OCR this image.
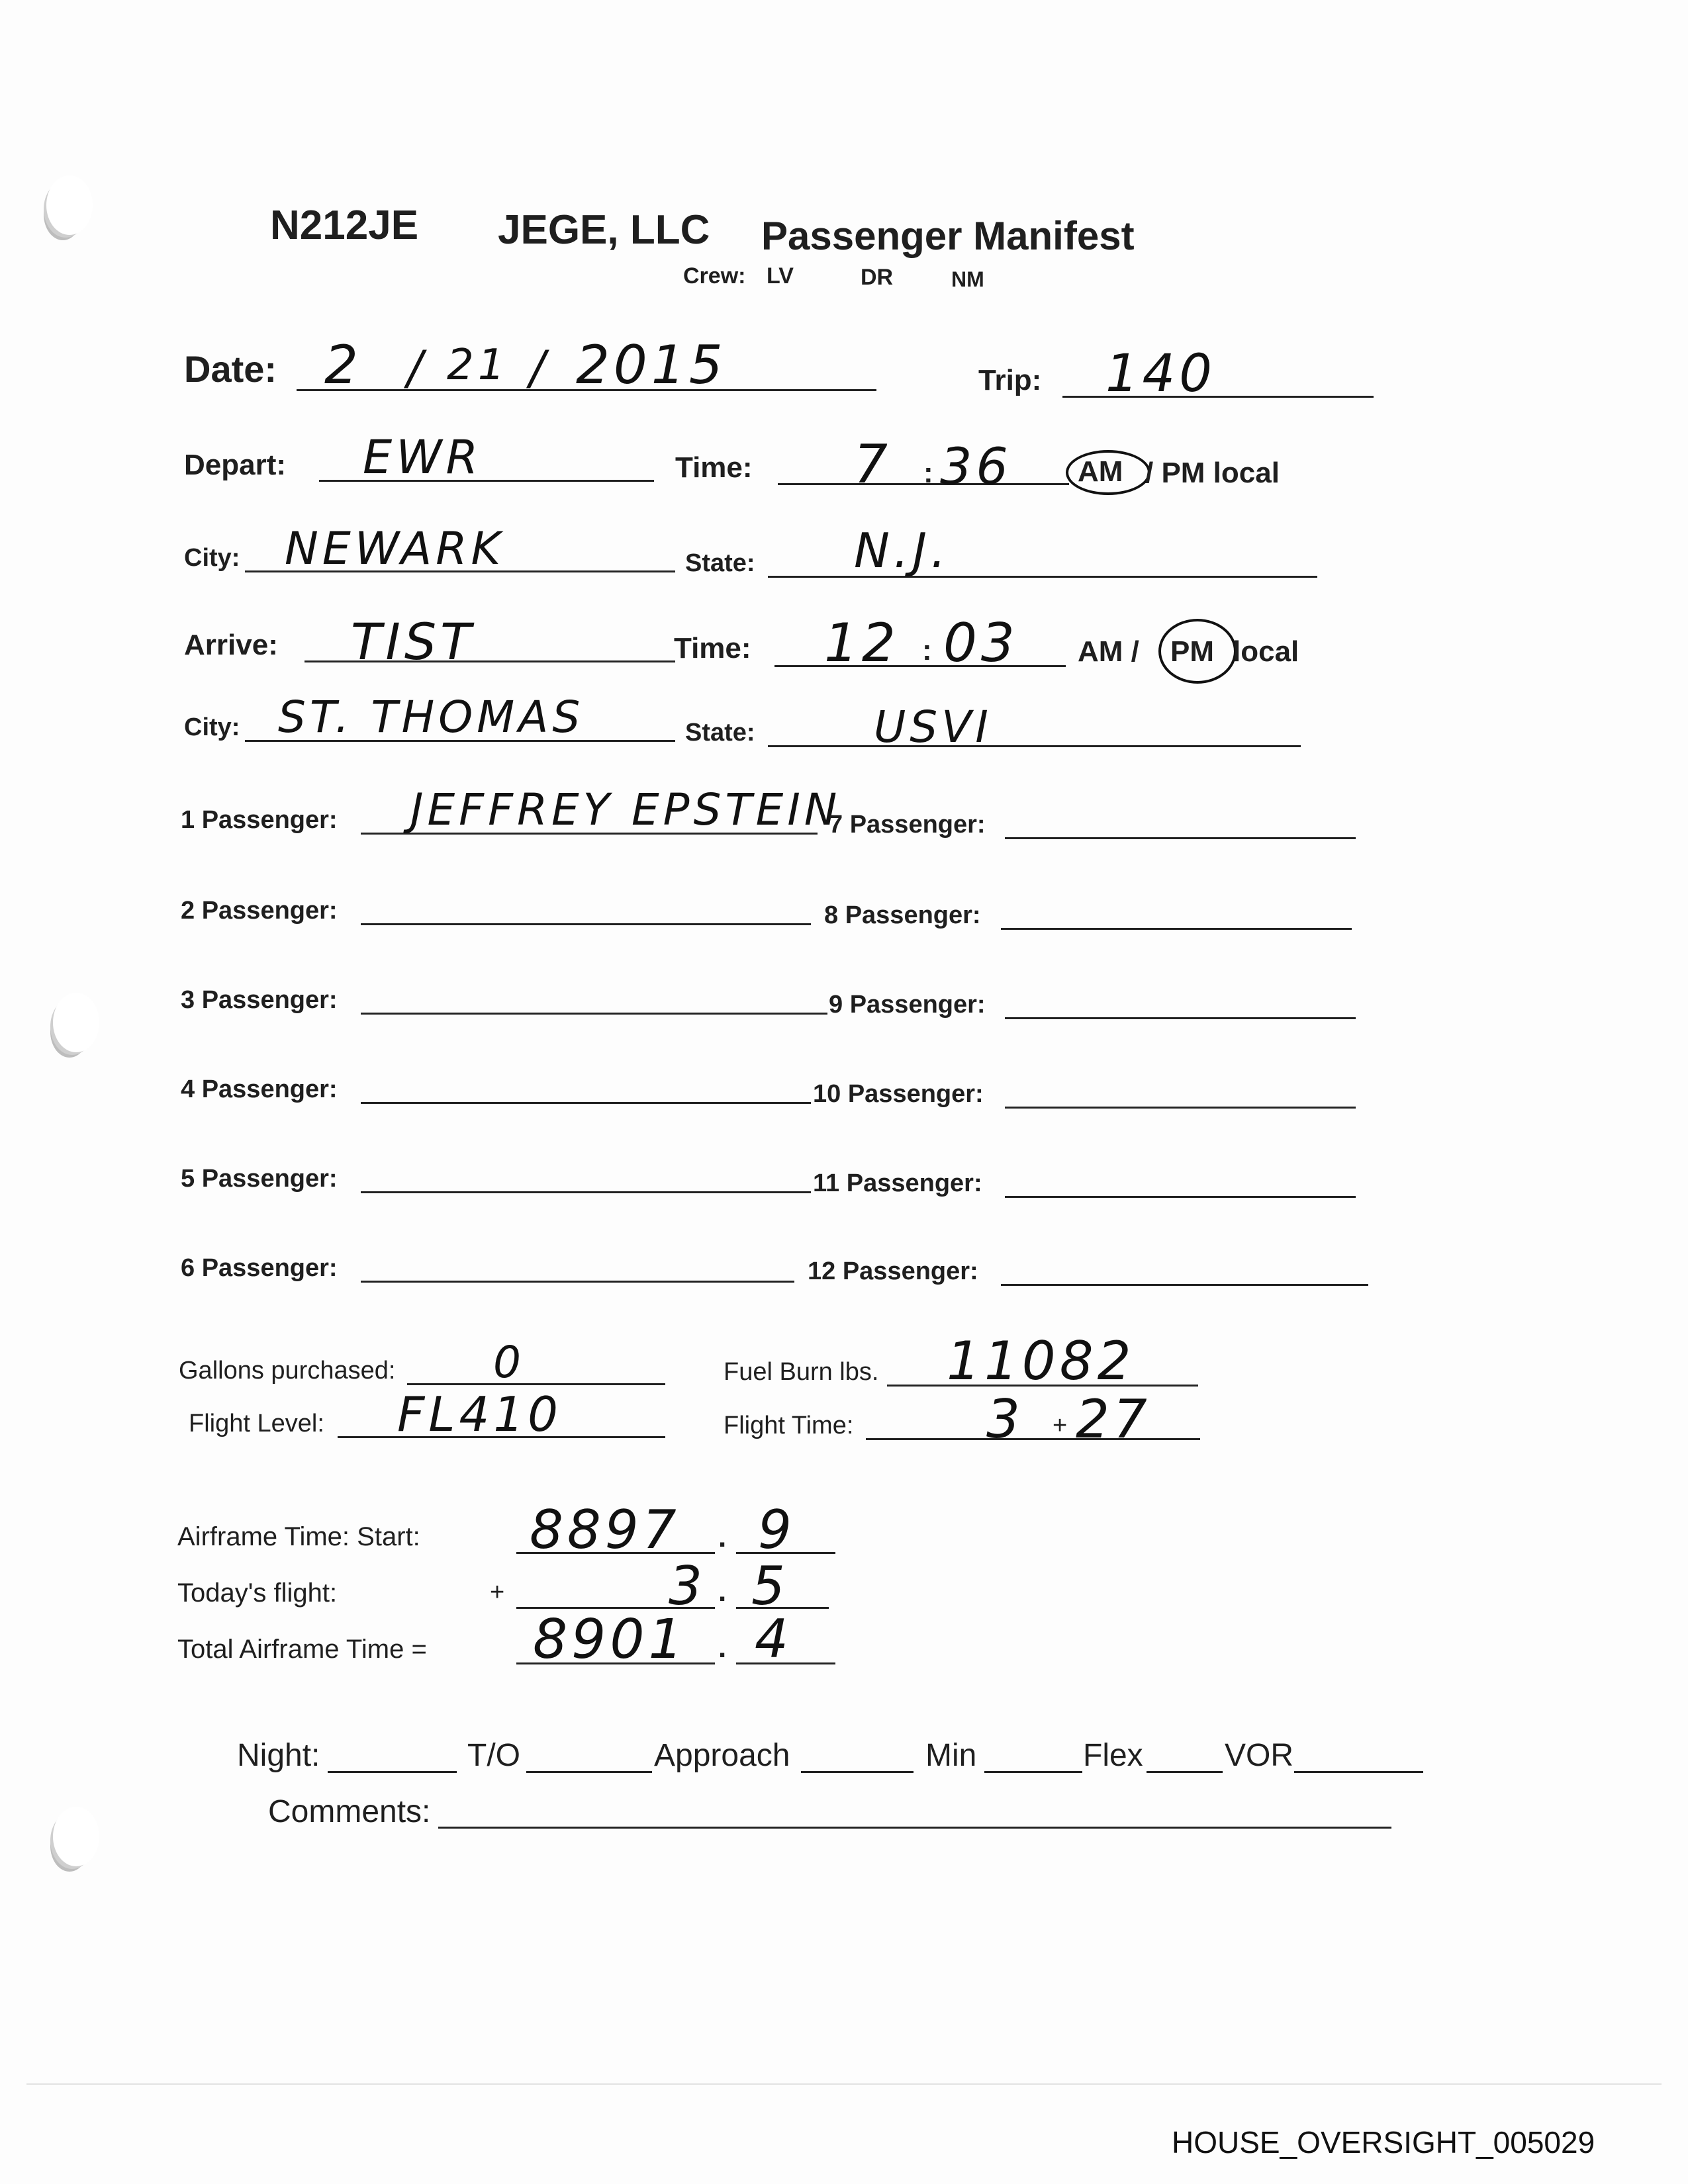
N212JE JEGE, LLC Passenger Manifest
Crew: LV	DR	NM
Date: 2 / 21 / 2015	Trip: 140
Depart: EWR	Time: 7 : 36 AM / PM local
City: NEWARK	State: N.J.
Arrive: TIST	Time: 12 : 03 AM / PM local
City: ST. THOMAS	State:	USVI
1 Passenger: JEFFREY EPSTEIN
7 Passenger:
2 Passenger:	8 Passenger:
3 Passenger:	9 Passenger:
4 Passenger:	10 Passenger:
5 Passenger:	11 Passenger:
6 Passenger:	12 Passenger:
Gallons purchased: 0	Fuel Burn lbs. 11082
Flight Level: FL410	Flight Time:	3 + 27
Airframe Time: Start: 8897 . 9
Today's flight:	+	3 . 5
Total Airframe Time = 8901 . 4
Night:	T/O	Approach	Min	Flex	VOR
Comments:
HOUSE_OVERSIGHT_005029
